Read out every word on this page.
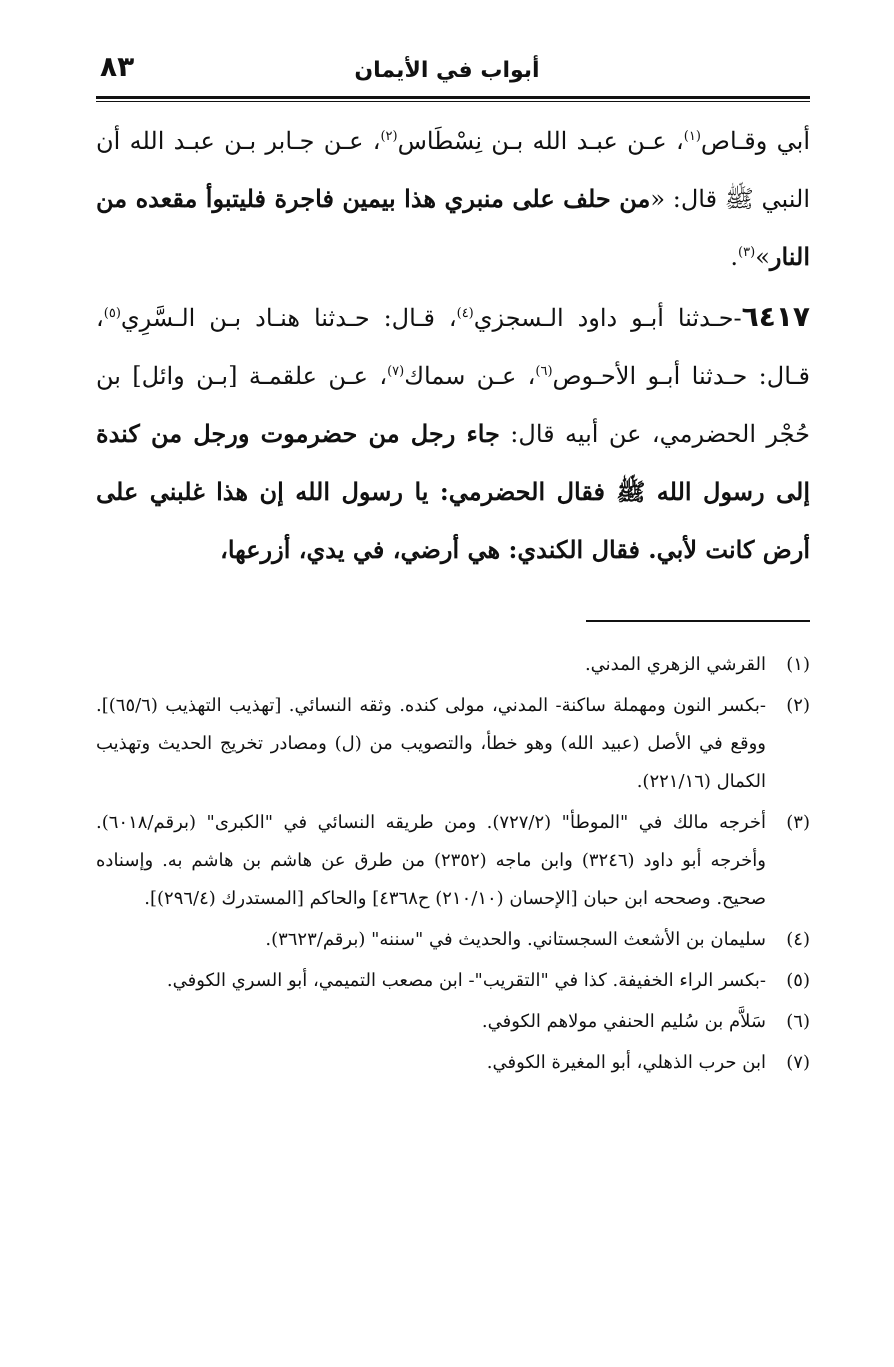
أبواب في الأيمان
٨٣

أبي وقـاص$^{(١)}$، عـن عبـد الله بـن نِسْطَاس$^{(٢)}$، عـن جـابر بـن عبـد الله أن النبي ﷺ قال: «من حلف على منبري هذا بيمين فاجرة فليتبوأ مقعده من النار»$^{(٣)}$.

٦٤١٧-حـدثنا أبـو داود الـسجزي$^{(٤)}$، قـال: حـدثنا هنـاد بـن الـسَّرِي$^{(٥)}$، قـال: حـدثنا أبـو الأحـوص$^{(٦)}$، عـن سماك$^{(٧)}$، عـن علقمـة [بـن وائل] بن حُجْر الحضرمي، عن أبيه قال: جاء رجل من حضرموت ورجل من كندة إلى رسول الله ﷺ فقال الحضرمي: يا رسول الله إن هذا غلبني على أرض كانت لأبي. فقال الكندي: هي أرضي، في يدي، أزرعها،

(١)
القرشي الزهري المدني.
(٢)
-بكسر النون ومهملة ساكنة- المدني، مولى كنده. وثقه النسائي. [تهذيب التهذيب (٦٥/٦)]. ووقع في الأصل (عبيد الله) وهو خطأ، والتصويب من (ل) ومصادر تخريج الحديث وتهذيب الكمال (٢٢١/١٦).
(٣)
أخرجه مالك في "الموطأ" (٧٢٧/٢). ومن طريقه النسائي في "الكبرى" (برقم/٦٠١٨). وأخرجه أبو داود (٣٢٤٦) وابن ماجه (٢٣٥٢) من طرق عن هاشم بن هاشم به. وإسناده صحيح. وصححه ابن حبان [الإحسان (٢١٠/١٠) ح٤٣٦٨] والحاكم [المستدرك (٢٩٦/٤)].
(٤)
سليمان بن الأشعث السجستاني. والحديث في "سننه" (برقم/٣٦٢٣).
(٥)
-بكسر الراء الخفيفة. كذا في "التقريب"- ابن مصعب التميمي، أبو السري الكوفي.
(٦)
سَلاَّم بن سُليم الحنفي مولاهم الكوفي.
(٧)
ابن حرب الذهلي، أبو المغيرة الكوفي.
